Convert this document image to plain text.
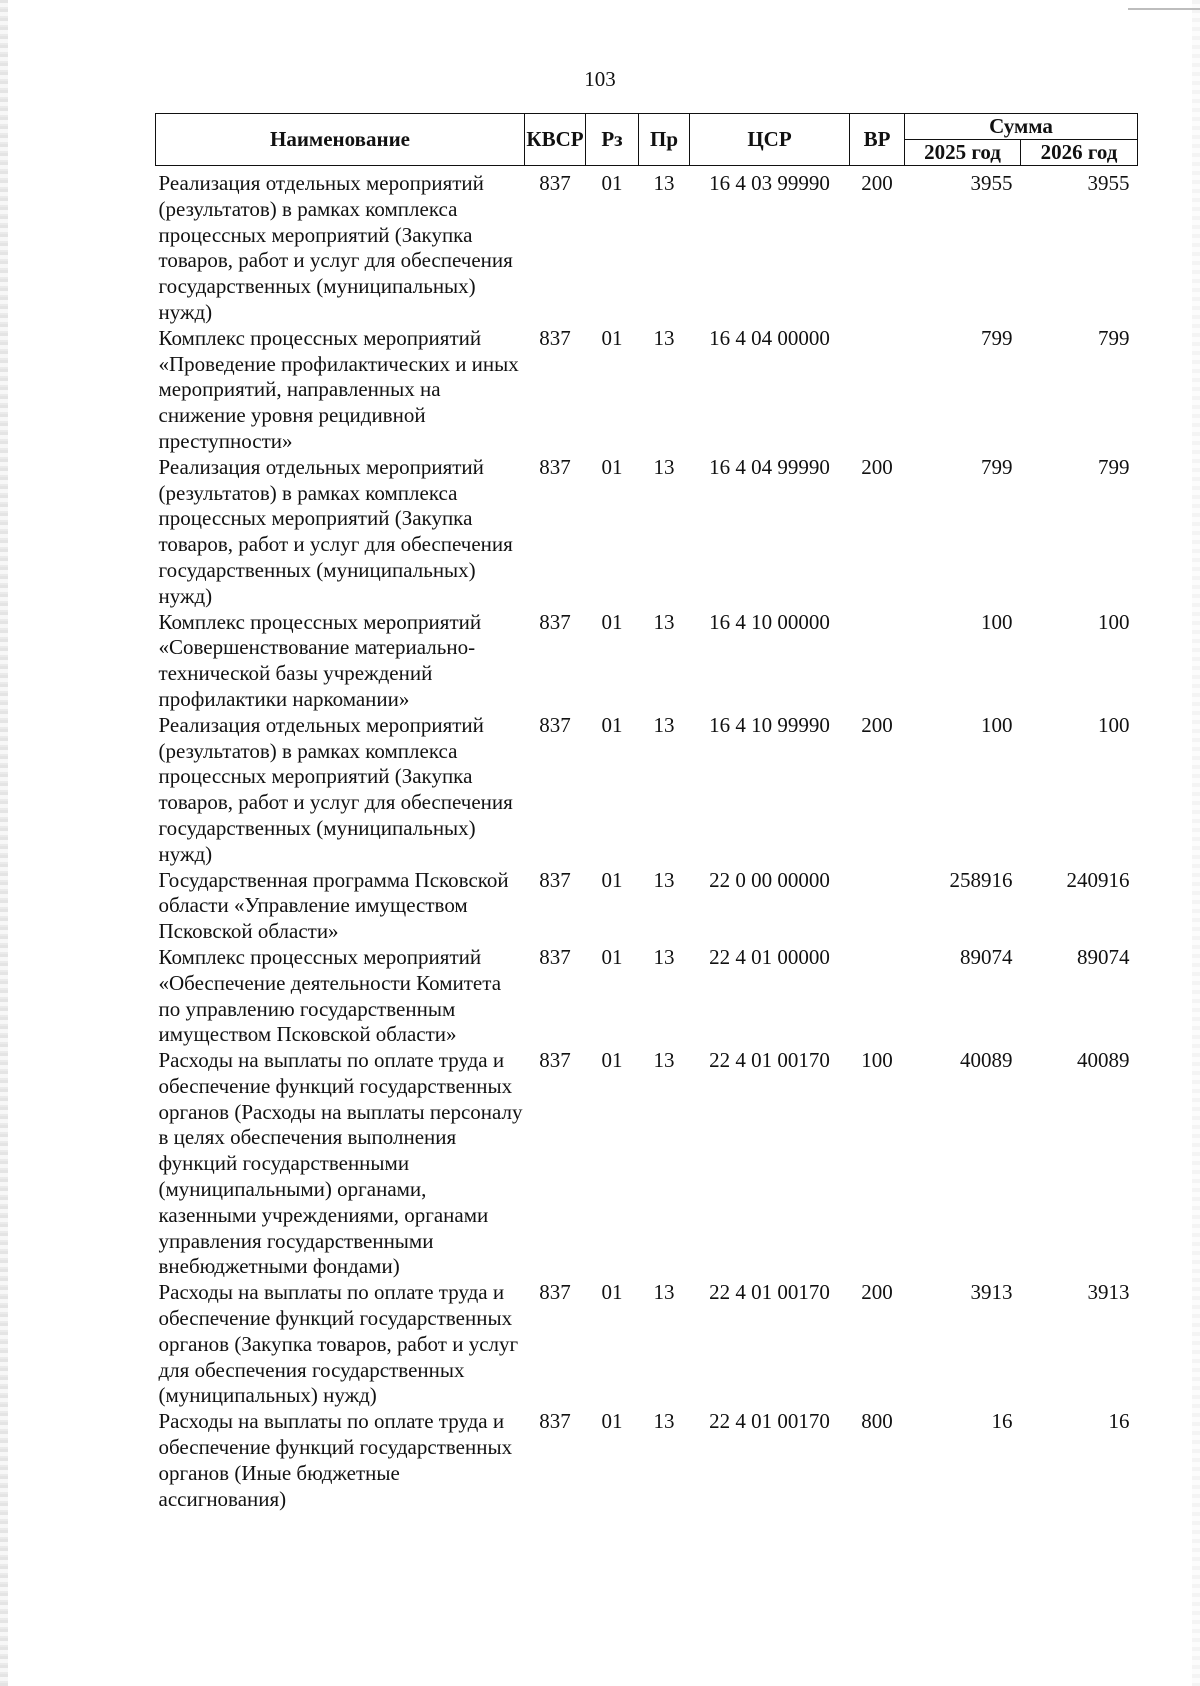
103
Наименование	КВСР	Рз	Пр	ЦСР	ВР	Сумма	
						2025 год	2026 год

Реализация отдельных мероприятий (результатов) в рамках комплекса процессных мероприятий (Закупка товаров, работ и услуг для обеспечения государственных (муниципальных) нужд)	837	01	13	16 4 03 99990	200	3955	3955
Комплекс процессных мероприятий «Проведение профилактических и иных мероприятий, направленных на снижение уровня рецидивной преступности»	837	01	13	16 4 04 00000		799	799
Реализация отдельных мероприятий (результатов) в рамках комплекса процессных мероприятий (Закупка товаров, работ и услуг для обеспечения государственных (муниципальных) нужд)	837	01	13	16 4 04 99990	200	799	799
Комплекс процессных мероприятий «Совершенствование материально-технической базы учреждений профилактики наркомании»	837	01	13	16 4 10 00000		100	100
Реализация отдельных мероприятий (результатов) в рамках комплекса процессных мероприятий (Закупка товаров, работ и услуг для обеспечения государственных (муниципальных) нужд)	837	01	13	16 4 10 99990	200	100	100
Государственная программа Псковской области «Управление имуществом Псковской области»	837	01	13	22 0 00 00000		258916	240916
Комплекс процессных мероприятий «Обеспечение деятельности Комитета по управлению государственным имуществом Псковской области»	837	01	13	22 4 01 00000		89074	89074
Расходы на выплаты по оплате труда и обеспечение функций государственных органов (Расходы на выплаты персоналу в целях обеспечения выполнения функций государственными (муниципальными) органами, казенными учреждениями, органами управления государственными внебюджетными фондами)	837	01	13	22 4 01 00170	100	40089	40089
Расходы на выплаты по оплате труда и обеспечение функций государственных органов (Закупка товаров, работ и услуг для обеспечения государственных (муниципальных) нужд)	837	01	13	22 4 01 00170	200	3913	3913
Расходы на выплаты по оплате труда и обеспечение функций государственных органов (Иные бюджетные ассигнования)	837	01	13	22 4 01 00170	800	16	16
